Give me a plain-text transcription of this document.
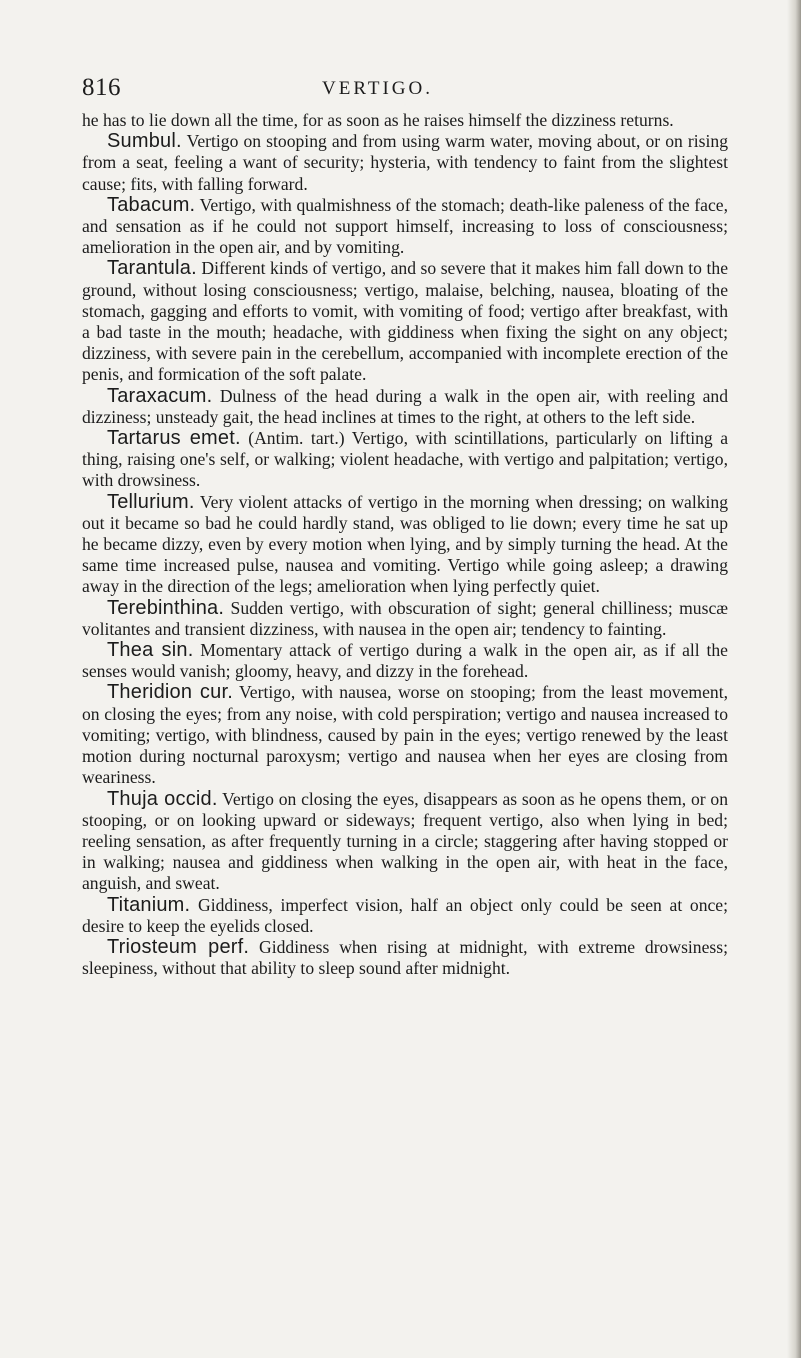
816	VERTIGO.

he has to lie down all the time, for as soon as he raises himself the dizziness returns.

Sumbul. Vertigo on stooping and from using warm water, moving about, or on rising from a seat, feeling a want of security; hysteria, with tendency to faint from the slightest cause; fits, with falling forward.

Tabacum. Vertigo, with qualmishness of the stomach; death-like paleness of the face, and sensation as if he could not support himself, increasing to loss of consciousness; amelioration in the open air, and by vomiting.

Tarantula. Different kinds of vertigo, and so severe that it makes him fall down to the ground, without losing consciousness; vertigo, malaise, belching, nausea, bloating of the stomach, gagging and efforts to vomit, with vomiting of food; vertigo after breakfast, with a bad taste in the mouth; headache, with giddiness when fixing the sight on any object; dizziness, with severe pain in the cerebellum, accompanied with incomplete erection of the penis, and formication of the soft palate.

Taraxacum. Dulness of the head during a walk in the open air, with reeling and dizziness; unsteady gait, the head inclines at times to the right, at others to the left side.

Tartarus emet. (Antim. tart.) Vertigo, with scintillations, particularly on lifting a thing, raising one's self, or walking; violent headache, with vertigo and palpitation; vertigo, with drowsiness.

Tellurium. Very violent attacks of vertigo in the morning when dressing; on walking out it became so bad he could hardly stand, was obliged to lie down; every time he sat up he became dizzy, even by every motion when lying, and by simply turning the head. At the same time increased pulse, nausea and vomiting. Vertigo while going asleep; a drawing away in the direction of the legs; amelioration when lying perfectly quiet.

Terebinthina. Sudden vertigo, with obscuration of sight; general chilliness; muscæ volitantes and transient dizziness, with nausea in the open air; tendency to fainting.

Thea sin. Momentary attack of vertigo during a walk in the open air, as if all the senses would vanish; gloomy, heavy, and dizzy in the forehead.

Theridion cur. Vertigo, with nausea, worse on stooping; from the least movement, on closing the eyes; from any noise, with cold perspiration; vertigo and nausea increased to vomiting; vertigo, with blindness, caused by pain in the eyes; vertigo renewed by the least motion during nocturnal paroxysm; vertigo and nausea when her eyes are closing from weariness.

Thuja occid. Vertigo on closing the eyes, disappears as soon as he opens them, or on stooping, or on looking upward or sideways; frequent vertigo, also when lying in bed; reeling sensation, as after frequently turning in a circle; staggering after having stopped or in walking; nausea and giddiness when walking in the open air, with heat in the face, anguish, and sweat.

Titanium. Giddiness, imperfect vision, half an object only could be seen at once; desire to keep the eyelids closed.

Triosteum perf. Giddiness when rising at midnight, with extreme drowsiness; sleepiness, without that ability to sleep sound after midnight.
